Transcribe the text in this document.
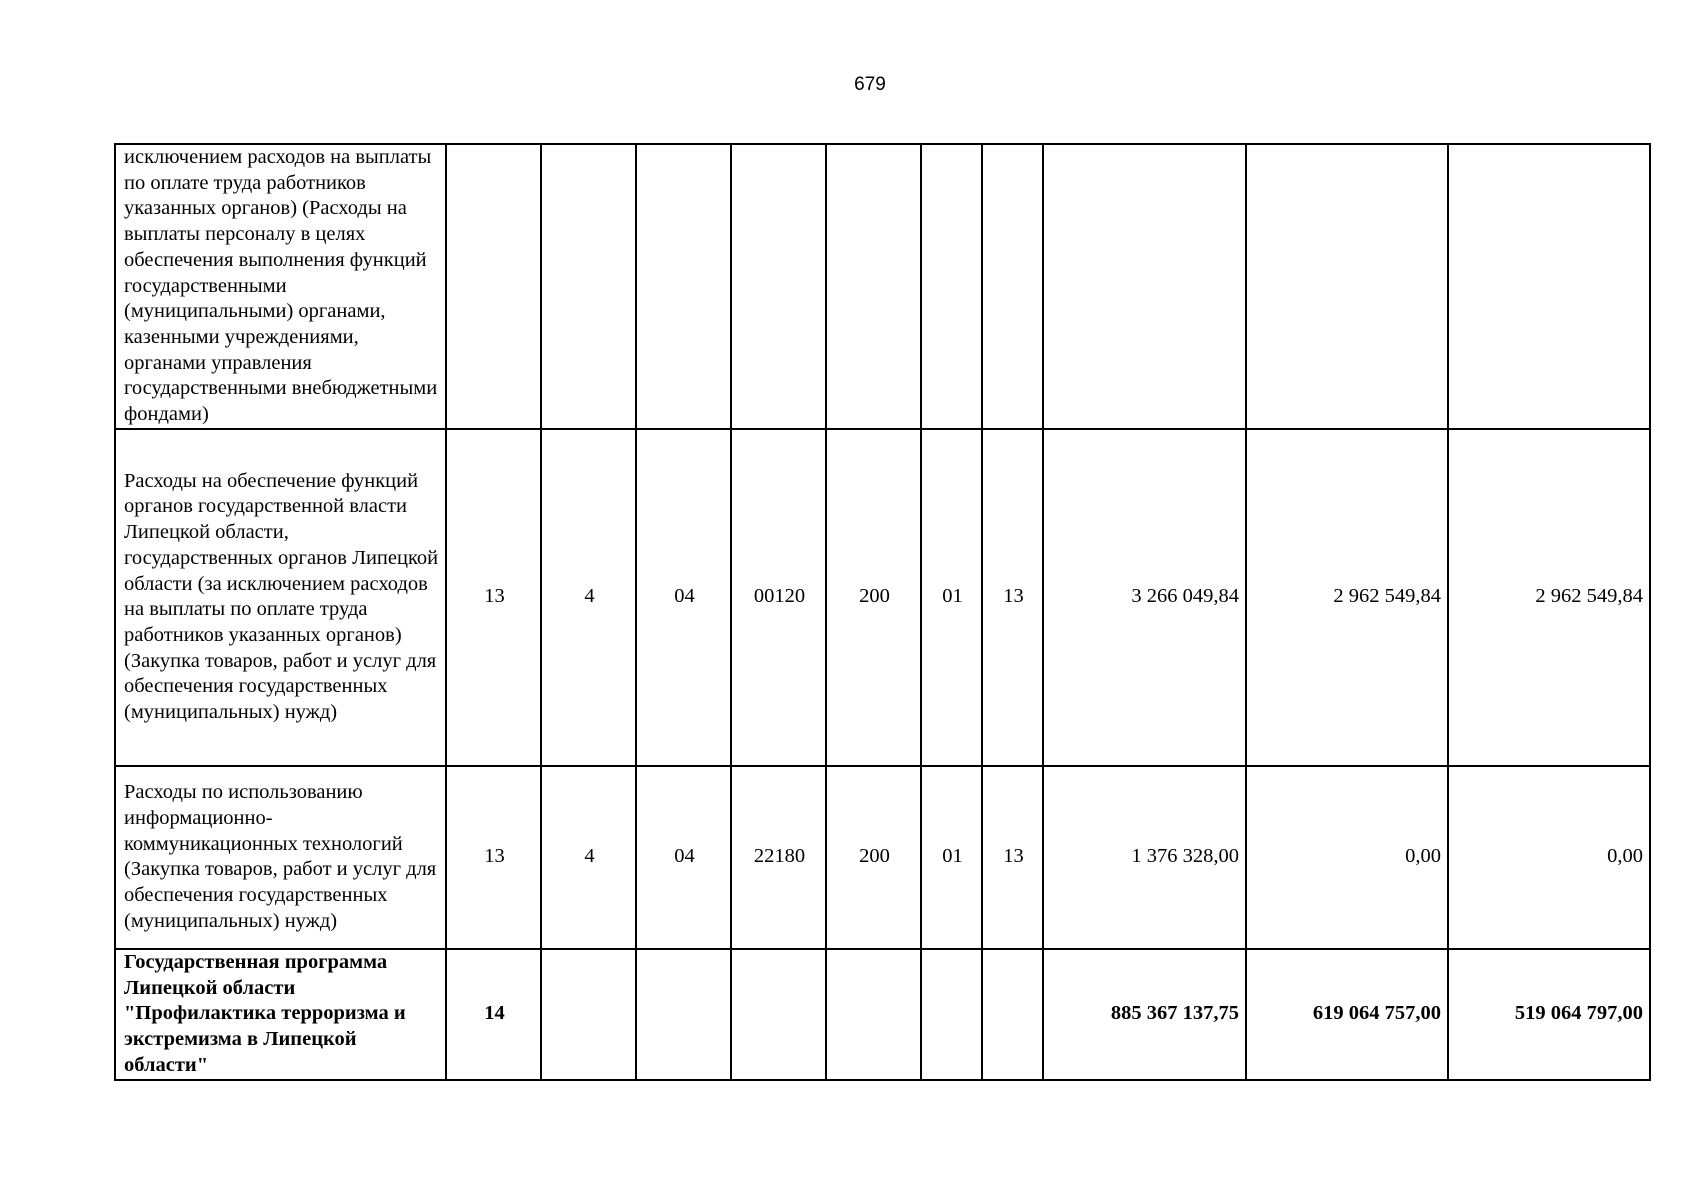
679
исключением расходов на выплаты по оплате труда работников указанных органов) (Расходы на выплаты персоналу в целях обеспечения выполнения функций государственными (муниципальными) органами, казенными учреждениями, органами управления государственными внебюджетными фондами)										
Расходы на обеспечение функций органов государственной власти Липецкой области, государственных органов Липецкой области (за исключением расходов на выплаты по оплате труда работников указанных органов) (Закупка товаров, работ и услуг для обеспечения государственных (муниципальных) нужд)	13	4	04	00120	200	01	13	3 266 049,84	2 962 549,84	2 962 549,84
Расходы по использованию информационно-коммуникационных технологий (Закупка товаров, работ и услуг для обеспечения государственных (муниципальных) нужд)	13	4	04	22180	200	01	13	1 376 328,00	0,00	0,00
Государственная программа Липецкой области "Профилактика терроризма и экстремизма в Липецкой области"	14							885 367 137,75	619 064 757,00	519 064 797,00
